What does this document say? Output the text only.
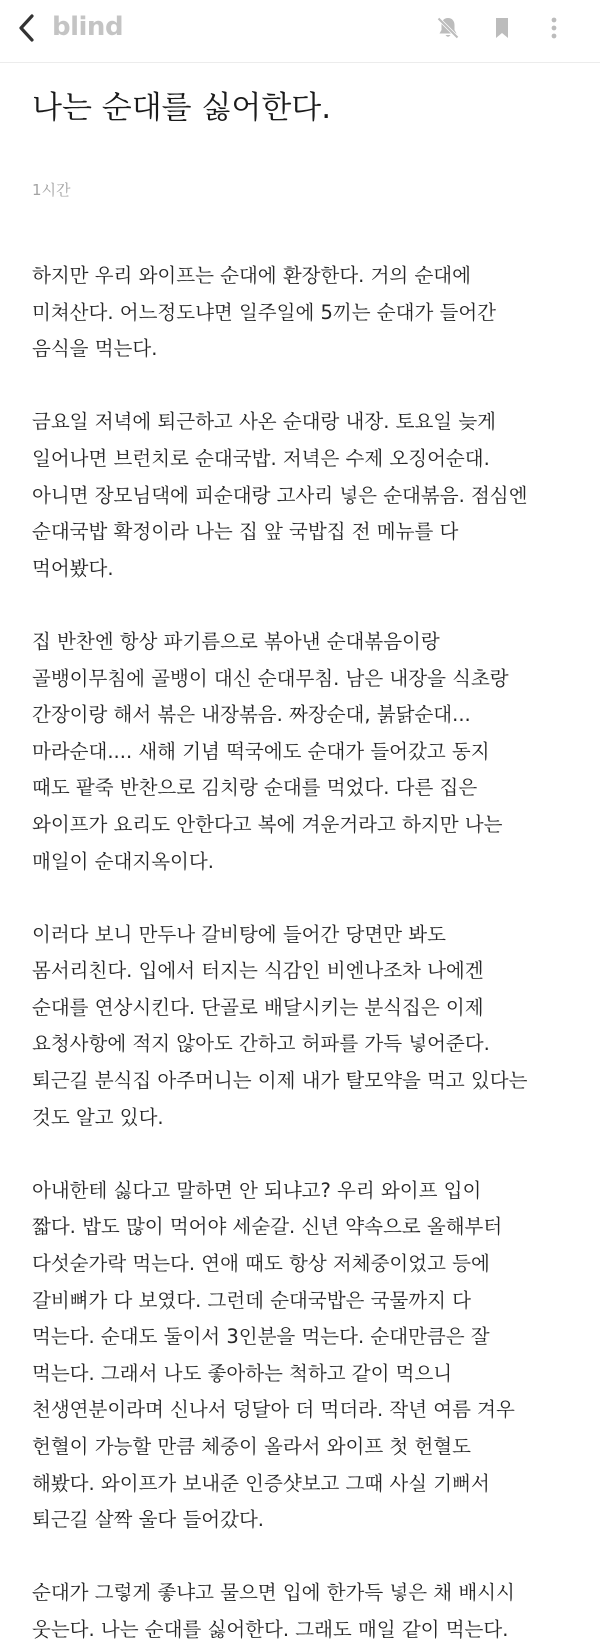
blind
나는 순대를 싫어한다.
1시간
하지만 우리 와이프는 순대에 환장한다. 거의 순대에
미쳐산다. 어느정도냐면 일주일에 5끼는 순대가 들어간
음식을 먹는다.
금요일 저녁에 퇴근하고 사온 순대랑 내장. 토요일 늦게
일어나면 브런치로 순대국밥. 저녁은 수제 오징어순대.
아니면 장모님댁에 피순대랑 고사리 넣은 순대볶음. 점심엔
순대국밥 확정이라 나는 집 앞 국밥집 전 메뉴를 다
먹어봤다.
집 반찬엔 항상 파기름으로 볶아낸 순대볶음이랑
골뱅이무침에 골뱅이 대신 순대무침. 남은 내장을 식초랑
간장이랑 해서 볶은 내장볶음. 짜장순대, 붉닭순대...
마라순대.... 새해 기념 떡국에도 순대가 들어갔고 동지
때도 팥죽 반찬으로 김치랑 순대를 먹었다. 다른 집은
와이프가 요리도 안한다고 복에 겨운거라고 하지만 나는
매일이 순대지옥이다.
이러다 보니 만두나 갈비탕에 들어간 당면만 봐도
몸서리친다. 입에서 터지는 식감인 비엔나조차 나에겐
순대를 연상시킨다. 단골로 배달시키는 분식집은 이제
요청사항에 적지 않아도 간하고 허파를 가득 넣어준다.
퇴근길 분식집 아주머니는 이제 내가 탈모약을 먹고 있다는
것도 알고 있다.
아내한테 싫다고 말하면 안 되냐고? 우리 와이프 입이
짧다. 밥도 많이 먹어야 세숟갈. 신년 약속으로 올해부터
다섯숟가락 먹는다. 연애 때도 항상 저체중이었고 등에
갈비뼈가 다 보였다. 그런데 순대국밥은 국물까지 다
먹는다. 순대도 둘이서 3인분을 먹는다. 순대만큼은 잘
먹는다. 그래서 나도 좋아하는 척하고 같이 먹으니
천생연분이라며 신나서 덩달아 더 먹더라. 작년 여름 겨우
헌혈이 가능할 만큼 체중이 올라서 와이프 첫 헌혈도
해봤다. 와이프가 보내준 인증샷보고 그때 사실 기뻐서
퇴근길 살짝 울다 들어갔다.
순대가 그렇게 좋냐고 물으면 입에 한가득 넣은 채 배시시
웃는다. 나는 순대를 싫어한다. 그래도 매일 같이 먹는다.
